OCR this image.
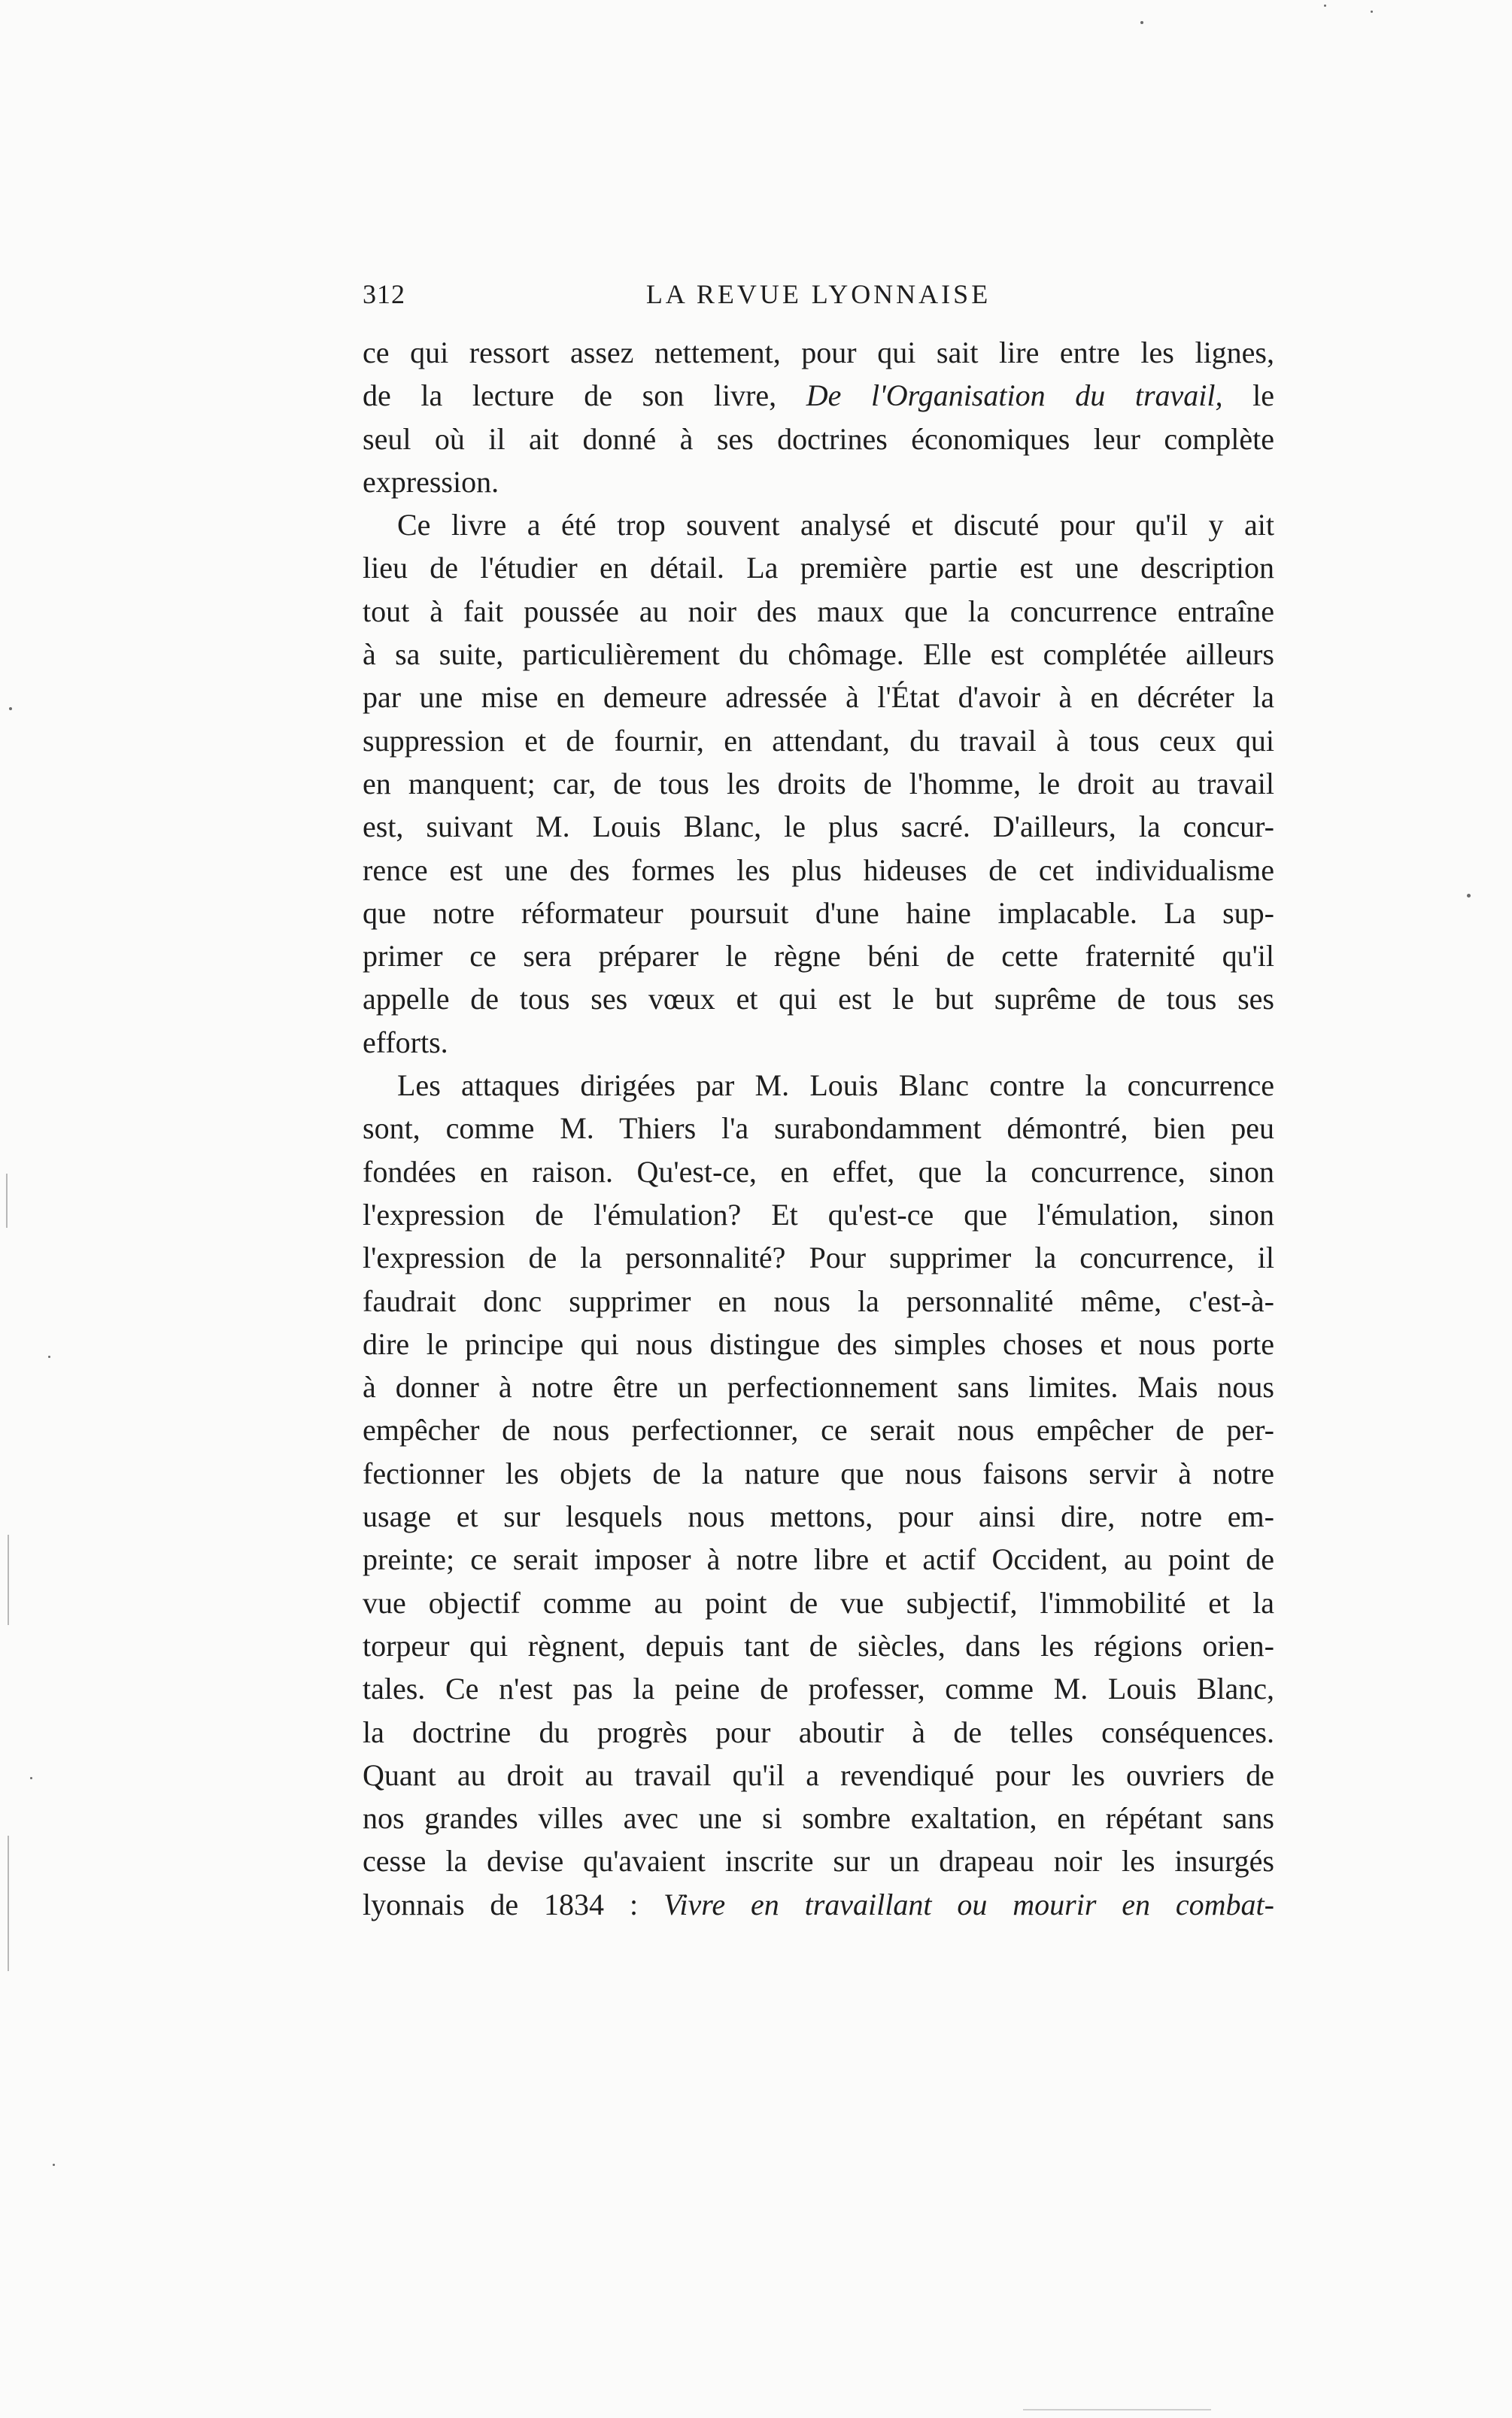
312	LA REVUE LYONNAISE
ce qui ressort assez nettement, pour qui sait lire entre les lignes,
de la lecture de son livre, De l'Organisation du travail, le
seul où il ait donné à ses doctrines économiques leur complète
expression.
Ce livre a été trop souvent analysé et discuté pour qu'il y ait
lieu de l'étudier en détail. La première partie est une description
tout à fait poussée au noir des maux que la concurrence entraîne
à sa suite, particulièrement du chômage. Elle est complétée ailleurs
par une mise en demeure adressée à l'État d'avoir à en décréter la
suppression et de fournir, en attendant, du travail à tous ceux qui
en manquent; car, de tous les droits de l'homme, le droit au travail
est, suivant M. Louis Blanc, le plus sacré. D'ailleurs, la concur-
rence est une des formes les plus hideuses de cet individualisme
que notre réformateur poursuit d'une haine implacable. La sup-
primer ce sera préparer le règne béni de cette fraternité qu'il
appelle de tous ses vœux et qui est le but suprême de tous ses
efforts.
Les attaques dirigées par M. Louis Blanc contre la concurrence
sont, comme M. Thiers l'a surabondamment démontré, bien peu
fondées en raison. Qu'est-ce, en effet, que la concurrence, sinon
l'expression de l'émulation? Et qu'est-ce que l'émulation, sinon
l'expression de la personnalité? Pour supprimer la concurrence, il
faudrait donc supprimer en nous la personnalité même, c'est-à-
dire le principe qui nous distingue des simples choses et nous porte
à donner à notre être un perfectionnement sans limites. Mais nous
empêcher de nous perfectionner, ce serait nous empêcher de per-
fectionner les objets de la nature que nous faisons servir à notre
usage et sur lesquels nous mettons, pour ainsi dire, notre em-
preinte; ce serait imposer à notre libre et actif Occident, au point de
vue objectif comme au point de vue subjectif, l'immobilité et la
torpeur qui règnent, depuis tant de siècles, dans les régions orien-
tales. Ce n'est pas la peine de professer, comme M. Louis Blanc,
la doctrine du progrès pour aboutir à de telles conséquences.
Quant au droit au travail qu'il a revendiqué pour les ouvriers de
nos grandes villes avec une si sombre exaltation, en répétant sans
cesse la devise qu'avaient inscrite sur un drapeau noir les insurgés
lyonnais de 1834 : Vivre en travaillant ou mourir en combat-
